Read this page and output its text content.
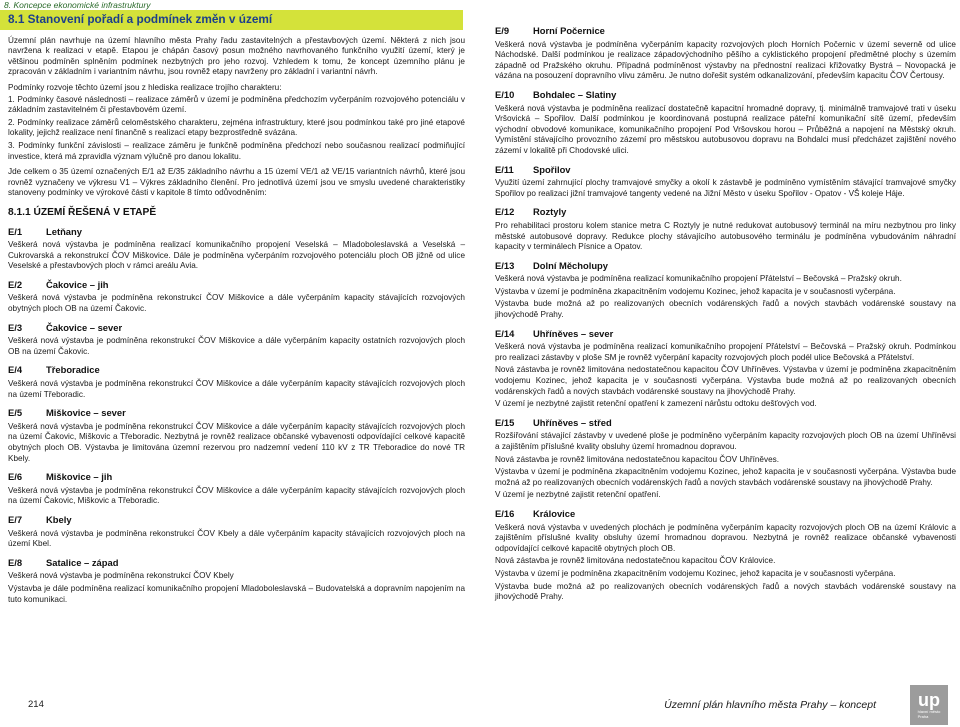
8. Koncepce ekonomické infrastruktury
8.1 Stanovení pořadí a podmínek změn v území

Územní plán navrhuje na území hlavního města Prahy řadu zastavitelných a přestavbových území. Některá z nich jsou navržena k realizaci v etapě. Etapou je chápán časový posun možného navrhovaného funkčního využití území, který je většinou podmíněn splněním podmínek nezbytných pro jeho rozvoj. Vzhledem k tomu, že koncept územního plánu je zpracován v základním i variantním návrhu, jsou rovněž etapy navrženy pro základní i variantní návrh.

Podmínky rozvoje těchto území jsou z hlediska realizace trojího charakteru:

1. Podmínky časové následnosti – realizace záměrů v území je podmíněna předchozím vyčerpáním rozvojového potenciálu v základním zastavitelném či přestavbovém území.

2. Podmínky realizace záměrů celoměstského charakteru, zejména infrastruktury, které jsou podmínkou také pro jiné etapové lokality, jejichž realizace není finančně s realizací etapy bezprostředně svázána.

3. Podmínky funkční závislosti – realizace záměru je funkčně podmíněna předchozí nebo současnou realizací podmiňující investice, která má zpravidla význam výlučně pro danou lokalitu.

Jde celkem o 35 území označených E/1 až E/35 základního návrhu a 15 území VE/1 až VE/15 variantních návrhů, které jsou rovněž vyznačeny ve výkresu V1 – Výkres základního členění. Pro jednotlivá území jsou ve smyslu uvedené charakteristiky stanoveny podmínky ve výrokové části v kapitole 8 tímto odůvodněním:

8.1.1 ÚZEMÍ ŘEŠENÁ V ETAPĚ
E/1	Letňany

Veškerá nová výstavba je podmíněna realizací komunikačního propojení Veselská – Mladoboleslavská a Veselská – Cukrovarská a rekonstrukcí ČOV Miškovice. Dále je podmíněna vyčerpáním rozvojového potenciálu ploch OB jižně od ulice Veselské a přestavbových ploch v rámci areálu Avia.

E/2	Čakovice – jih

Veškerá nová výstavba je podmíněna rekonstrukcí ČOV Miškovice a dále vyčerpáním kapacity stávajících rozvojových obytných ploch OB na území Čakovic.

E/3	Čakovice – sever

Veškerá nová výstavba je podmíněna rekonstrukcí ČOV Miškovice a dále vyčerpáním kapacity ostatních rozvojových ploch OB na území Čakovic.

E/4	Třeboradice

Veškerá nová výstavba je podmíněna rekonstrukcí ČOV Miškovice a dále vyčerpáním kapacity stávajících rozvojových ploch na území Třeboradic.

E/5	Miškovice – sever

Veškerá nová výstavba je podmíněna rekonstrukcí ČOV Miškovice a dále vyčerpáním kapacity stávajících rozvojových ploch na území Čakovic, Miškovic a Třeboradic. Nezbytná je rovněž realizace občanské vybavenosti odpovídající celkové kapacitě obytných ploch OB. Výstavba je limitována územní rezervou pro nadzemní vedení 110 kV z TR Třeboradice do nové TR Kbely.

E/6	Miškovice – jih

Veškerá nová výstavba je podmíněna rekonstrukcí ČOV Miškovice a dále vyčerpáním kapacity stávajících rozvojových ploch na území Čakovic, Miškovic a Třeboradic.

E/7	Kbely

Veškerá nová výstavba je podmíněna rekonstrukcí ČOV Kbely a dále vyčerpáním kapacity stávajících rozvojových ploch na území Kbel.

E/8	Satalice – západ

Veškerá nová výstavba je podmíněna rekonstrukcí ČOV Kbely

Výstavba je dále podmíněna realizací komunikačního propojení Mladoboleslavská – Budovatelská a dopravním napojením na tuto komunikaci.

E/9	Horní Počernice

Veškerá nová výstavba je podmíněna vyčerpáním kapacity rozvojových ploch Horních Počernic v území severně od ulice Náchodské. Další podmínkou je realizace západovýchodního pěšího a cyklistického propojení předmětné plochy s územím západně od Pražského okruhu. Případná podmíněnost výstavby na přednostní realizaci křižovatky Bystrá – Novopacká je vázána na posouzení dopravního vlivu záměru. Je nutno dořešit systém odkanalizování, především kapacitu ČOV Čertousy.

E/10 Bohdalec – Slatiny

Veškerá nová výstavba je podmíněna realizací dostatečně kapacitní hromadné dopravy, tj. minimálně tramvajové trati v úseku Vršovická – Spořilov. Další podmínkou je koordinovaná postupná realizace páteřní komunikační sítě území, především východní obvodové komunikace, komunikačního propojení Pod Vršovskou horou – Průběžná a napojení na Městský okruh. Vymístění stávajícího provozního zázemí pro městskou autobusovou dopravu na Bohdalci musí předcházet zajištění nového zázemí v lokalitě při Chodovské ulici.

E/11 Spořilov

Využití území zahrnující plochy tramvajové smyčky a okolí k zástavbě je podmíněno vymístěním stávající tramvajové smyčky Spořilov po realizaci jižní tramvajové tangenty vedené na Jižní Město v úseku Spořilov - Opatov - VŠ koleje Háje.

E/12 Roztyly

Pro rehabilitaci prostoru kolem stanice metra C Roztyly je nutné redukovat autobusový terminál na míru nezbytnou pro linky městské autobusové dopravy. Redukce plochy stávajícího autobusového terminálu je podmíněna vybudováním náhradní kapacity v terminálech Písnice a Opatov.

E/13 Dolní Měcholupy

Veškerá nová výstavba je podmíněna realizací komunikačního propojení Přátelství – Bečovská – Pražský okruh.

Výstavba v území je podmíněna zkapacitněním vodojemu Kozinec, jehož kapacita je v současnosti vyčerpána.

Výstavba bude možná až po realizovaných obecních vodárenských řadů a nových stavbách vodárenské soustavy na jihovýchodě Prahy.

E/14 Uhříněves – sever

Veškerá nová výstavba je podmíněna realizací komunikačního propojení Přátelství – Bečovská – Pražský okruh. Podmínkou pro realizaci zástavby v ploše SM je rovněž vyčerpání kapacity rozvojových ploch podél ulice Bečovská a Přátelství.

Nová zástavba je rovněž limitována nedostatečnou kapacitou ČOV Uhříněves. Výstavba v území je podmíněna zkapacitněním vodojemu Kozinec, jehož kapacita je v současnosti vyčerpána. Výstavba bude možná až po realizovaných obecních vodárenských řadů a nových stavbách vodárenské soustavy na jihovýchodě Prahy.

V území je nezbytné zajistit retenční opatření k zamezení nárůstu odtoku dešťových vod.

E/15 Uhříněves – střed

Rozšiřování stávající zástavby v uvedené ploše je podmíněno vyčerpáním kapacity rozvojových ploch OB na území Uhříněvsi a zajištěním příslušné kvality obsluhy území hromadnou dopravou.

Nová zástavba je rovněž limitována nedostatečnou kapacitou ČOV Uhříněves.

Výstavba v území je podmíněna zkapacitněním vodojemu Kozinec, jehož kapacita je v současnosti vyčerpána. Výstavba bude možná až po realizovaných obecních vodárenských řadů a nových stavbách vodárenské soustavy na jihovýchodě Prahy.

V území je nezbytné zajistit retenční opatření.

E/16 Královice

Veškerá nová výstavba v uvedených plochách je podmíněna vyčerpáním kapacity rozvojových ploch OB na území Královic a zajištěním příslušné kvality obsluhy území hromadnou dopravou. Nezbytná je rovněž realizace občanské vybavenosti odpovídající celkové kapacitě obytných ploch OB.

Nová zástavba je rovněž limitována nedostatečnou kapacitou ČOV Královice.

Výstavba v území je podmíněna zkapacitněním vodojemu Kozinec, jehož kapacita je v současnosti vyčerpána.

Výstavba bude možná až po realizovaných obecních vodárenských řadů a nových stavbách vodárenské soustavy na jihovýchodě Prahy.

214	Územní plán hlavního města Prahy – koncept up
hlavní město
Praha
